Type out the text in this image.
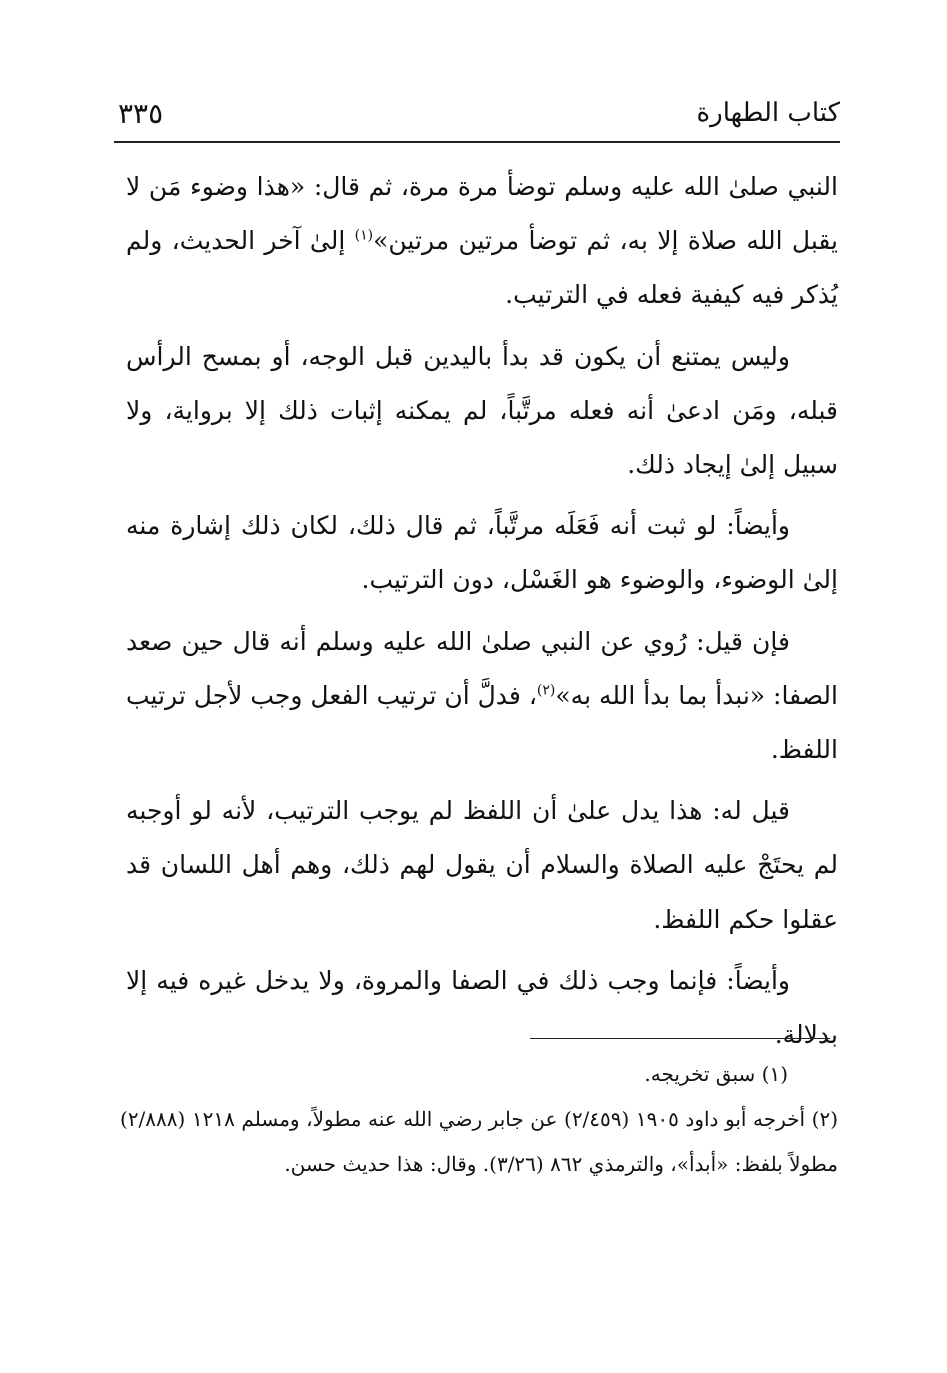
كتاب الطهارة
٣٣٥

النبي صلىٰ الله عليه وسلم توضأ مرة مرة، ثم قال: «هذا وضوء مَن لا يقبل الله صلاة إلا به، ثم توضأ مرتين مرتين»$^{(١)}$ إلىٰ آخر الحديث، ولم يُذكر فيه كيفية فعله في الترتيب.

وليس يمتنع أن يكون قد بدأ باليدين قبل الوجه، أو بمسح الرأس قبله، ومَن ادعىٰ أنه فعله مرتَّباً، لم يمكنه إثبات ذلك إلا برواية، ولا سبيل إلىٰ إيجاد ذلك.

وأيضاً: لو ثبت أنه فَعَلَه مرتَّباً، ثم قال ذلك، لكان ذلك إشارة منه إلىٰ الوضوء، والوضوء هو الغَسْل، دون الترتيب.

فإن قيل: رُوي عن النبي صلىٰ الله عليه وسلم أنه قال حين صعد الصفا: «نبدأ بما بدأ الله به»$^{(٢)}$، فدلَّ أن ترتيب الفعل وجب لأجل ترتيب اللفظ.

قيل له: هذا يدل علىٰ أن اللفظ لم يوجب الترتيب، لأنه لو أوجبه لم يحتَجْ عليه الصلاة والسلام أن يقول لهم ذلك، وهم أهل اللسان قد عقلوا حكم اللفظ.

وأيضاً: فإنما وجب ذلك في الصفا والمروة، ولا يدخل غيره فيه إلا بدلالة.

(١) سبق تخريجه.

(٢) أخرجه أبو داود ١٩٠٥ (٢/٤٥٩) عن جابر رضي الله عنه مطولاً، ومسلم ١٢١٨ (٢/٨٨٨) مطولاً بلفظ: «أبدأ»، والترمذي ٨٦٢ (٣/٢٦). وقال: هذا حديث حسن.
